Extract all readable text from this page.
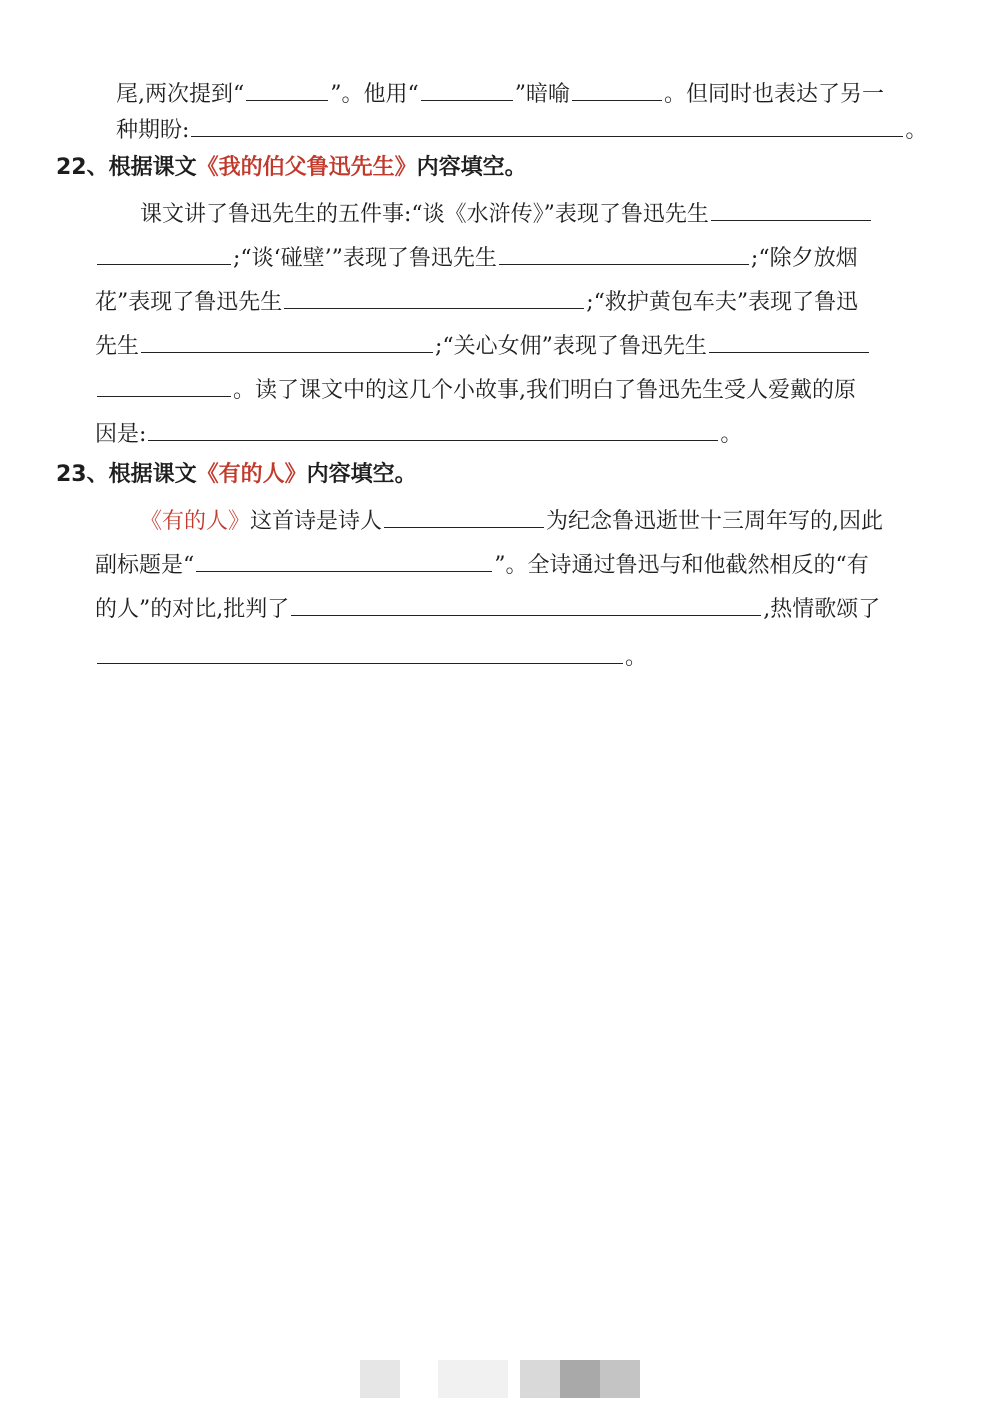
尾,两次提到“	”。他用“	”暗喻	。但同时也表达了另一
种期盼:	。
22、根据课文《我的伯父鲁迅先生》内容填空。
课文讲了鲁迅先生的五件事:“谈《水浒传》”表现了鲁迅先生
;“谈‘碰壁’”表现了鲁迅先生	;“除夕放烟
花”表现了鲁迅先生	;“救护黄包车夫”表现了鲁迅
先生	;“关心女佣”表现了鲁迅先生
。读了课文中的这几个小故事,我们明白了鲁迅先生受人爱戴的原
因是:	。
23、根据课文《有的人》内容填空。
《有的人》这首诗是诗人	为纪念鲁迅逝世十三周年写的,因此
副标题是“	”。全诗通过鲁迅与和他截然相反的“有
的人”的对比,批判了	,热情歌颂了
。
